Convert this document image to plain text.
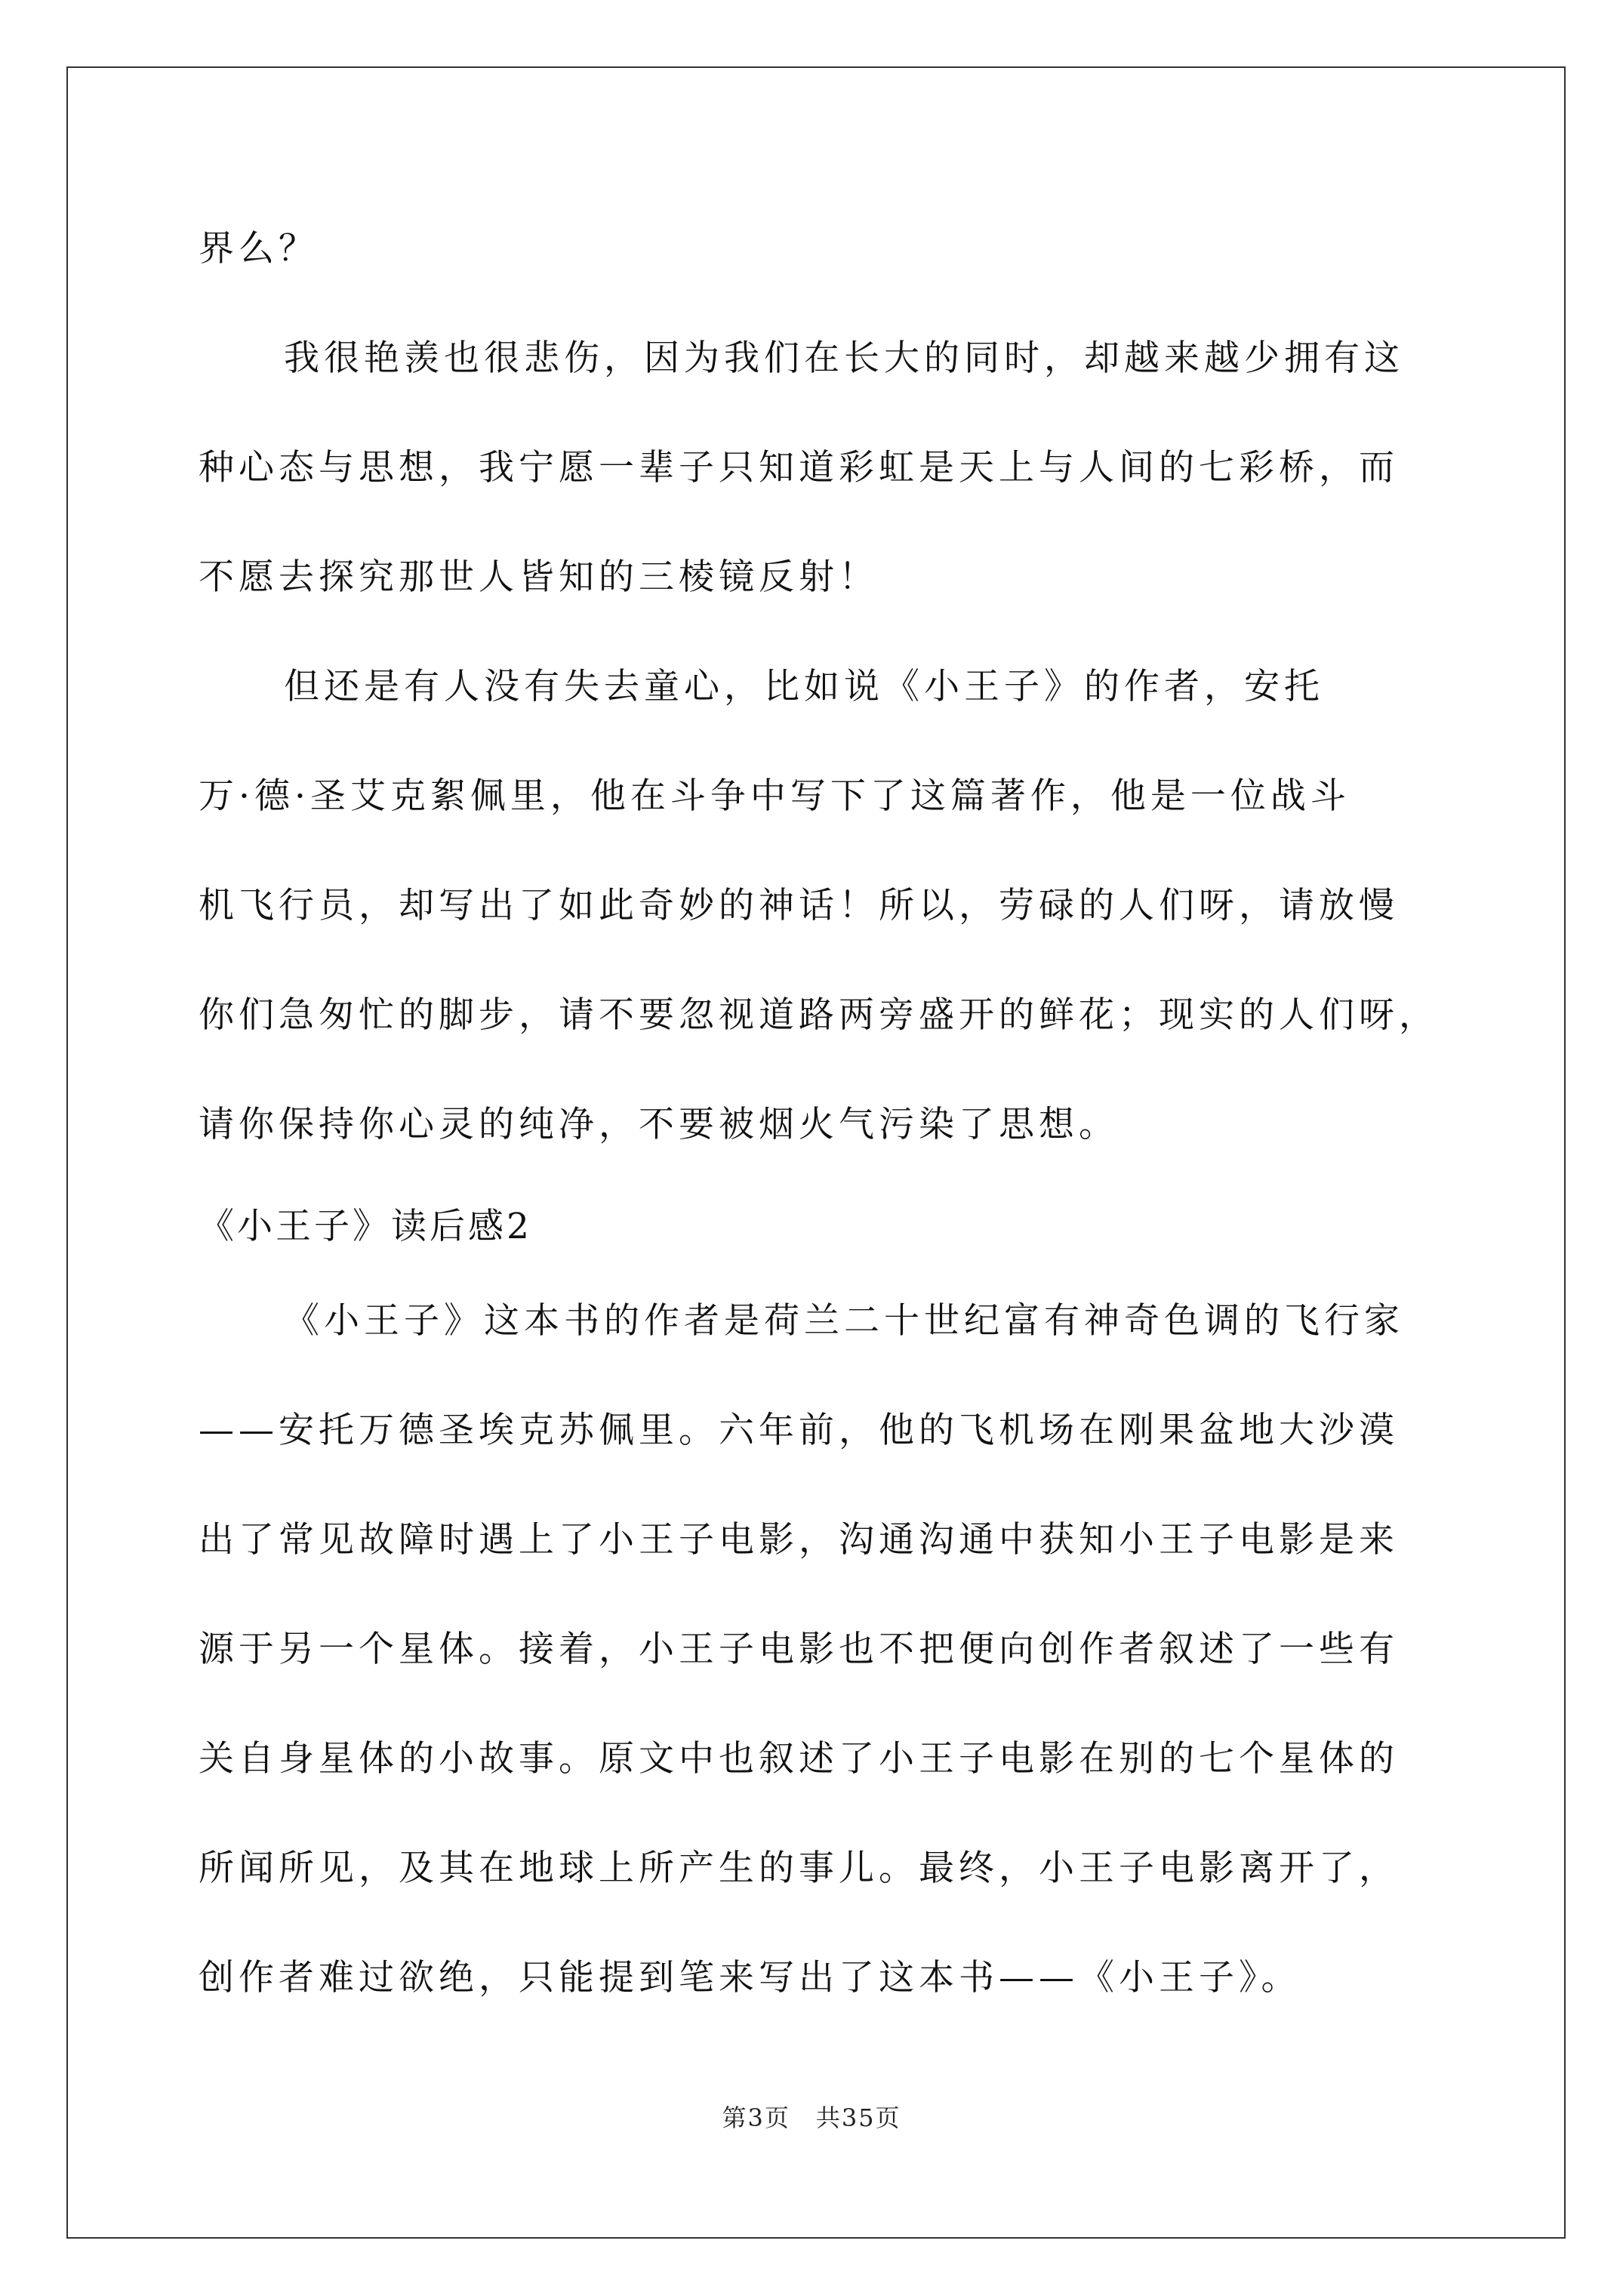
界么？
我很艳羡也很悲伤，因为我们在长大的同时，却越来越少拥有这
种心态与思想，我宁愿一辈子只知道彩虹是天上与人间的七彩桥，而
不愿去探究那世人皆知的三棱镜反射！
但还是有人没有失去童心，比如说《小王子》的作者，安托
万·德·圣艾克絮佩里，他在斗争中写下了这篇著作，他是一位战斗
机飞行员，却写出了如此奇妙的神话！所以，劳碌的人们呀，请放慢
你们急匆忙的脚步，请不要忽视道路两旁盛开的鲜花；现实的人们呀，
请你保持你心灵的纯净，不要被烟火气污染了思想。
《小王子》读后感2
《小王子》这本书的作者是荷兰二十世纪富有神奇色调的飞行家
——安托万德圣埃克苏佩里。六年前，他的飞机场在刚果盆地大沙漠
出了常见故障时遇上了小王子电影，沟通沟通中获知小王子电影是来
源于另一个星体。接着，小王子电影也不把便向创作者叙述了一些有
关自身星体的小故事。原文中也叙述了小王子电影在别的七个星体的
所闻所见，及其在地球上所产生的事儿。最终，小王子电影离开了，
创作者难过欲绝，只能提到笔来写出了这本书——《小王子》。
第3页　共35页
